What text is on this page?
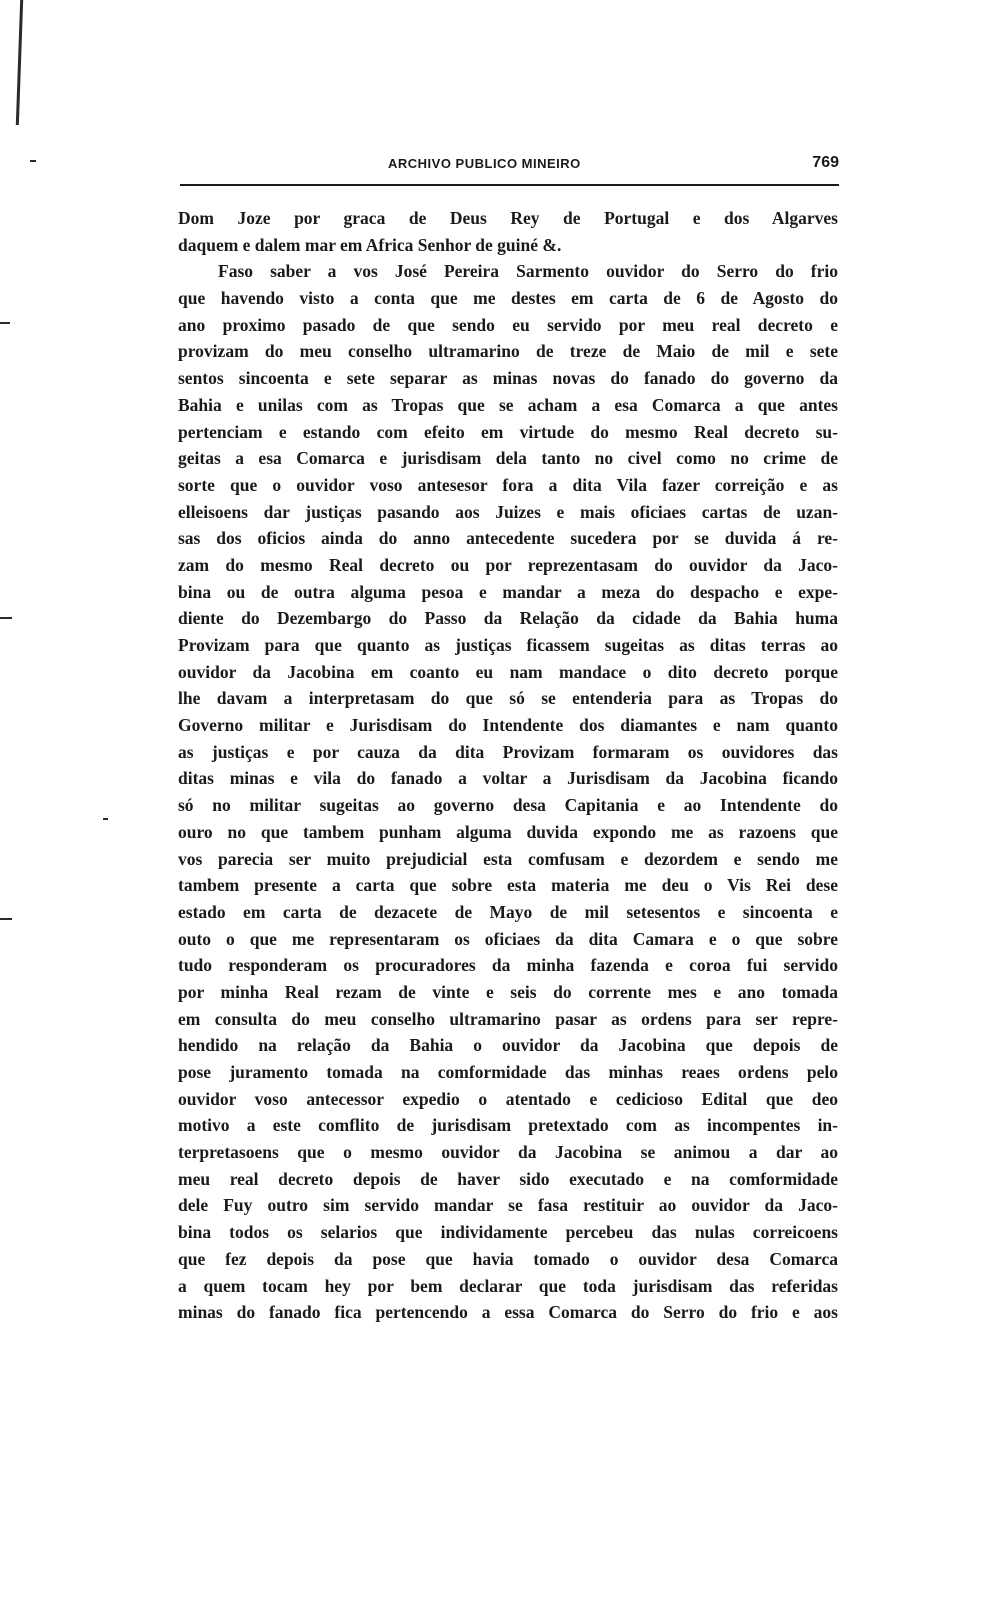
ARCHIVO PUBLICO MINEIRO	769
Dom Joze por graca de Deus Rey de Portugal e dos Algarves
daquem e dalem mar em Africa Senhor de guiné &.
Faso saber a vos José Pereira Sarmento ouvidor do Serro do frio
que havendo visto a conta que me destes em carta de 6 de Agosto do
ano proximo pasado de que sendo eu servido por meu real decreto e
provizam do meu conselho ultramarino de treze de Maio de mil e sete
sentos sincoenta e sete separar as minas novas do fanado do governo da
Bahia e unilas com as Tropas que se acham a esa Comarca a que antes
pertenciam e estando com efeito em virtude do mesmo Real decreto su-
geitas a esa Comarca e jurisdisam dela tanto no civel como no crime de
sorte que o ouvidor voso antesesor fora a dita Vila fazer correição e as
elleisoens dar justiças pasando aos Juizes e mais oficiaes cartas de uzan-
sas dos oficios ainda do anno antecedente sucedera por se duvida á re-
zam do mesmo Real decreto ou por reprezentasam do ouvidor da Jaco-
bina ou de outra alguma pesoa e mandar a meza do despacho e expe-
diente do Dezembargo do Passo da Relação da cidade da Bahia huma
Provizam para que quanto as justiças ficassem sugeitas as ditas terras ao
ouvidor da Jacobina em coanto eu nam mandace o dito decreto porque
lhe davam a interpretasam do que só se entenderia para as Tropas do
Governo militar e Jurisdisam do Intendente dos diamantes e nam quanto
as justiças e por cauza da dita Provizam formaram os ouvidores das
ditas minas e vila do fanado a voltar a Jurisdisam da Jacobina ficando
só no militar sugeitas ao governo desa Capitania e ao Intendente do
ouro no que tambem punham alguma duvida expondo me as razoens que
vos parecia ser muito prejudicial esta comfusam e dezordem e sendo me
tambem presente a carta que sobre esta materia me deu o Vis Rei dese
estado em carta de dezacete de Mayo de mil setesentos e sincoenta e
outo o que me representaram os oficiaes da dita Camara e o que sobre
tudo responderam os procuradores da minha fazenda e coroa fui servido
por minha Real rezam de vinte e seis do corrente mes e ano tomada
em consulta do meu conselho ultramarino pasar as ordens para ser repre-
hendido na relação da Bahia o ouvidor da Jacobina que depois de
pose juramento tomada na comformidade das minhas reaes ordens pelo
ouvidor voso antecessor expedio o atentado e cedicioso Edital que deo
motivo a este comflito de jurisdisam pretextado com as incompentes in-
terpretasoens que o mesmo ouvidor da Jacobina se animou a dar ao
meu real decreto depois de haver sido executado e na comformidade
dele Fuy outro sim servido mandar se fasa restituir ao ouvidor da Jaco-
bina todos os selarios que individamente percebeu das nulas correicoens
que fez depois da pose que havia tomado o ouvidor desa Comarca
a quem tocam hey por bem declarar que toda jurisdisam das referidas
minas do fanado fica pertencendo a essa Comarca do Serro do frio e aos
